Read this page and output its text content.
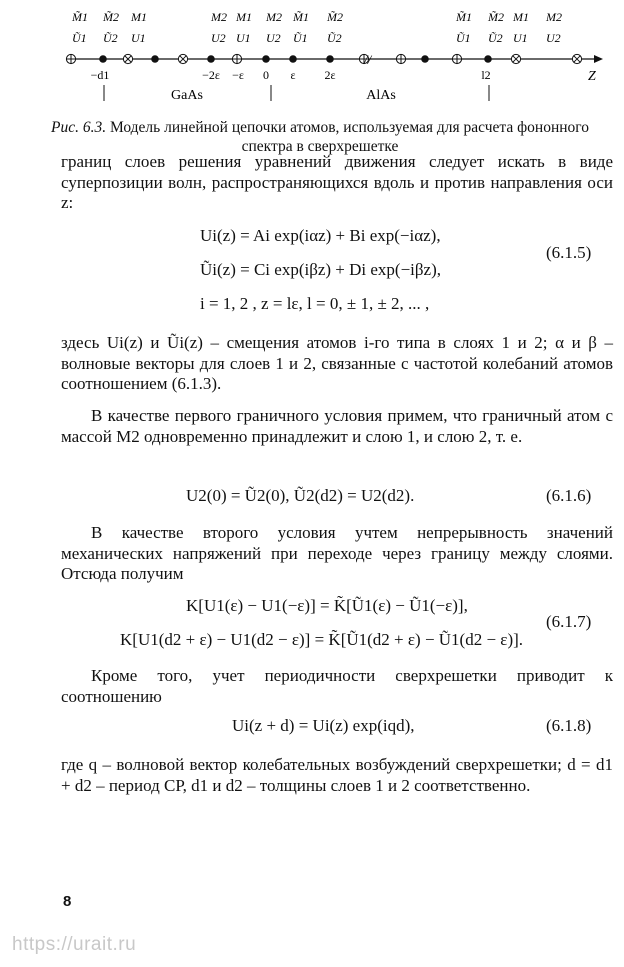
M̃1
Ũ1
M̃2
Ũ2
M1
U1
M2
U2
M1
U1
M2
U2
M̃1
Ũ1
M̃2
Ũ2
M̃1
Ũ1
M̃2
Ũ2
M1
U1
M2
U2
−d1	−2ε −ε 0 ε 2ε	l2
//
Z
GaAs	AlAs
Рис. 6.3. Модель линейной цепочки атомов, используемая для расчета фононного спектра в сверхрешетке
границ слоев решения уравнений движения следует искать в виде суперпозиции волн, распространяющихся вдоль и против направления оси z:
Ui(z) = Ai exp(iαz) + Bi exp(−iαz),
Ũi(z) = Ci exp(iβz) + Di exp(−iβz),
i = 1, 2 , z = lε, l = 0, ± 1, ± 2, ... ,
(6.1.5)
здесь Ui(z) и Ũi(z) – смещения атомов i-го типа в слоях 1 и 2; α и β – волновые векторы для слоев 1 и 2, связанные с частотой колебаний атомов соотношением (6.1.3).
В качестве первого граничного условия примем, что граничный атом с массой M2 одновременно принадлежит и слою 1, и слою 2, т. е.
U2(0) = Ũ2(0), Ũ2(d2) = U2(d2).	(6.1.6)
В качестве второго условия учтем непрерывность значений механических напряжений при переходе через границу между слоями. Отсюда получим
K[U1(ε) − U1(−ε)] = K̃[Ũ1(ε) − Ũ1(−ε)],
K[U1(d2 + ε) − U1(d2 − ε)] = K̃[Ũ1(d2 + ε) − Ũ1(d2 − ε)].
(6.1.7)
Кроме того, учет периодичности сверхрешетки приводит к соотношению
Ui(z + d) = Ui(z) exp(iqd),	(6.1.8)
где q – волновой вектор колебательных возбуждений сверхрешетки; d = d1 + d2 – период СР, d1 и d2 – толщины слоев 1 и 2 соответственно.
8
https://urait.ru
